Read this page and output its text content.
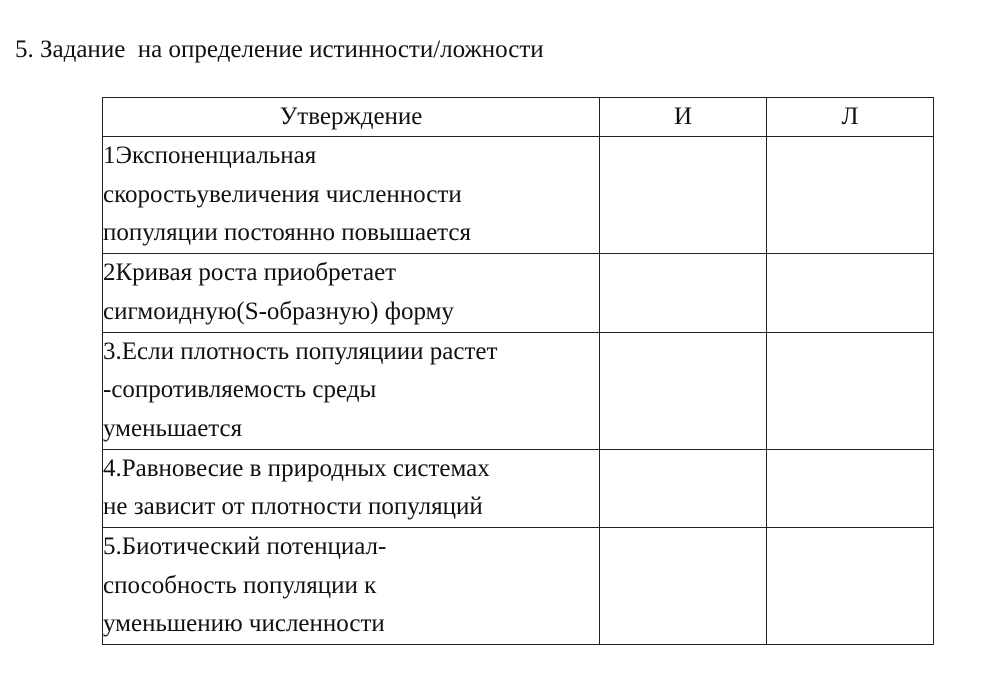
5. Задание  на определение истинности/ложности
Утверждение	И	Л
1Экспоненциальная
скоростьувеличения численности
популяции постоянно повышается		
2Кривая роста приобретает
сигмоидную(S-образную) форму		
3.Если плотность популяциии растет
-сопротивляемость среды
уменьшается		
4.Равновесие в природных системах
не зависит от плотности популяций		
5.Биотический потенциал-
способность популяции к
уменьшению численности		
